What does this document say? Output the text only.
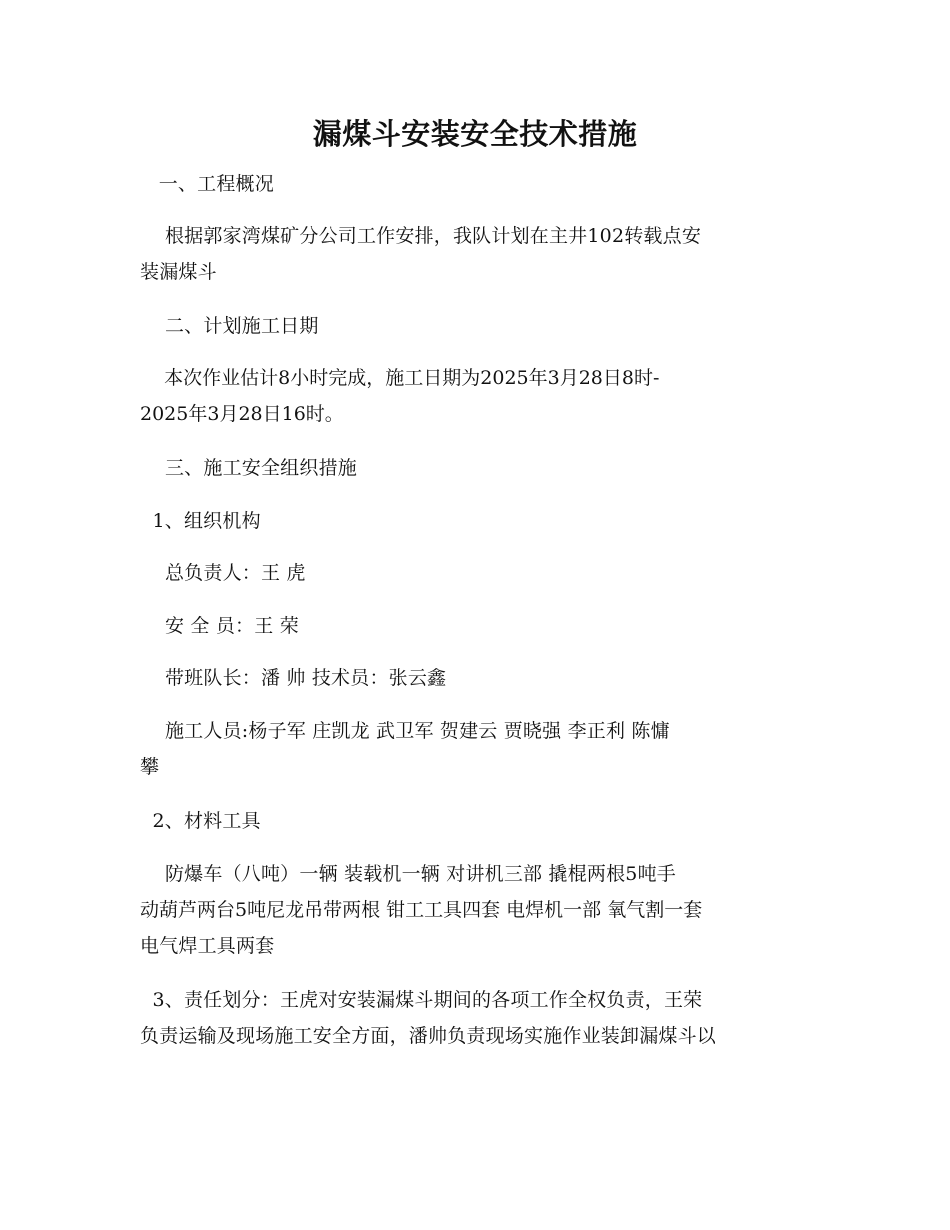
漏煤斗安装安全技术措施
一、工程概况
根据郭家湾煤矿分公司工作安排，我队计划在主井102转载点安
装漏煤斗
二、计划施工日期
本次作业估计8小时完成，施工日期为2025年3月28日8时-
2025年3月28日16时。
三、施工安全组织措施
1、组织机构
总负责人：王 虎
安 全 员：王 荣
带班队长：潘 帅 技术员：张云鑫
施工人员:杨子军 庄凯龙 武卫军 贺建云 贾晓强 李正利 陈慵
攀
2、材料工具
防爆车（八吨）一辆 装载机一辆 对讲机三部 撬棍两根5吨手
动葫芦两台5吨尼龙吊带两根 钳工工具四套 电焊机一部 氧气割一套
电气焊工具两套
3、责任划分：王虎对安装漏煤斗期间的各项工作全权负责，王荣
负责运输及现场施工安全方面，潘帅负责现场实施作业装卸漏煤斗以
